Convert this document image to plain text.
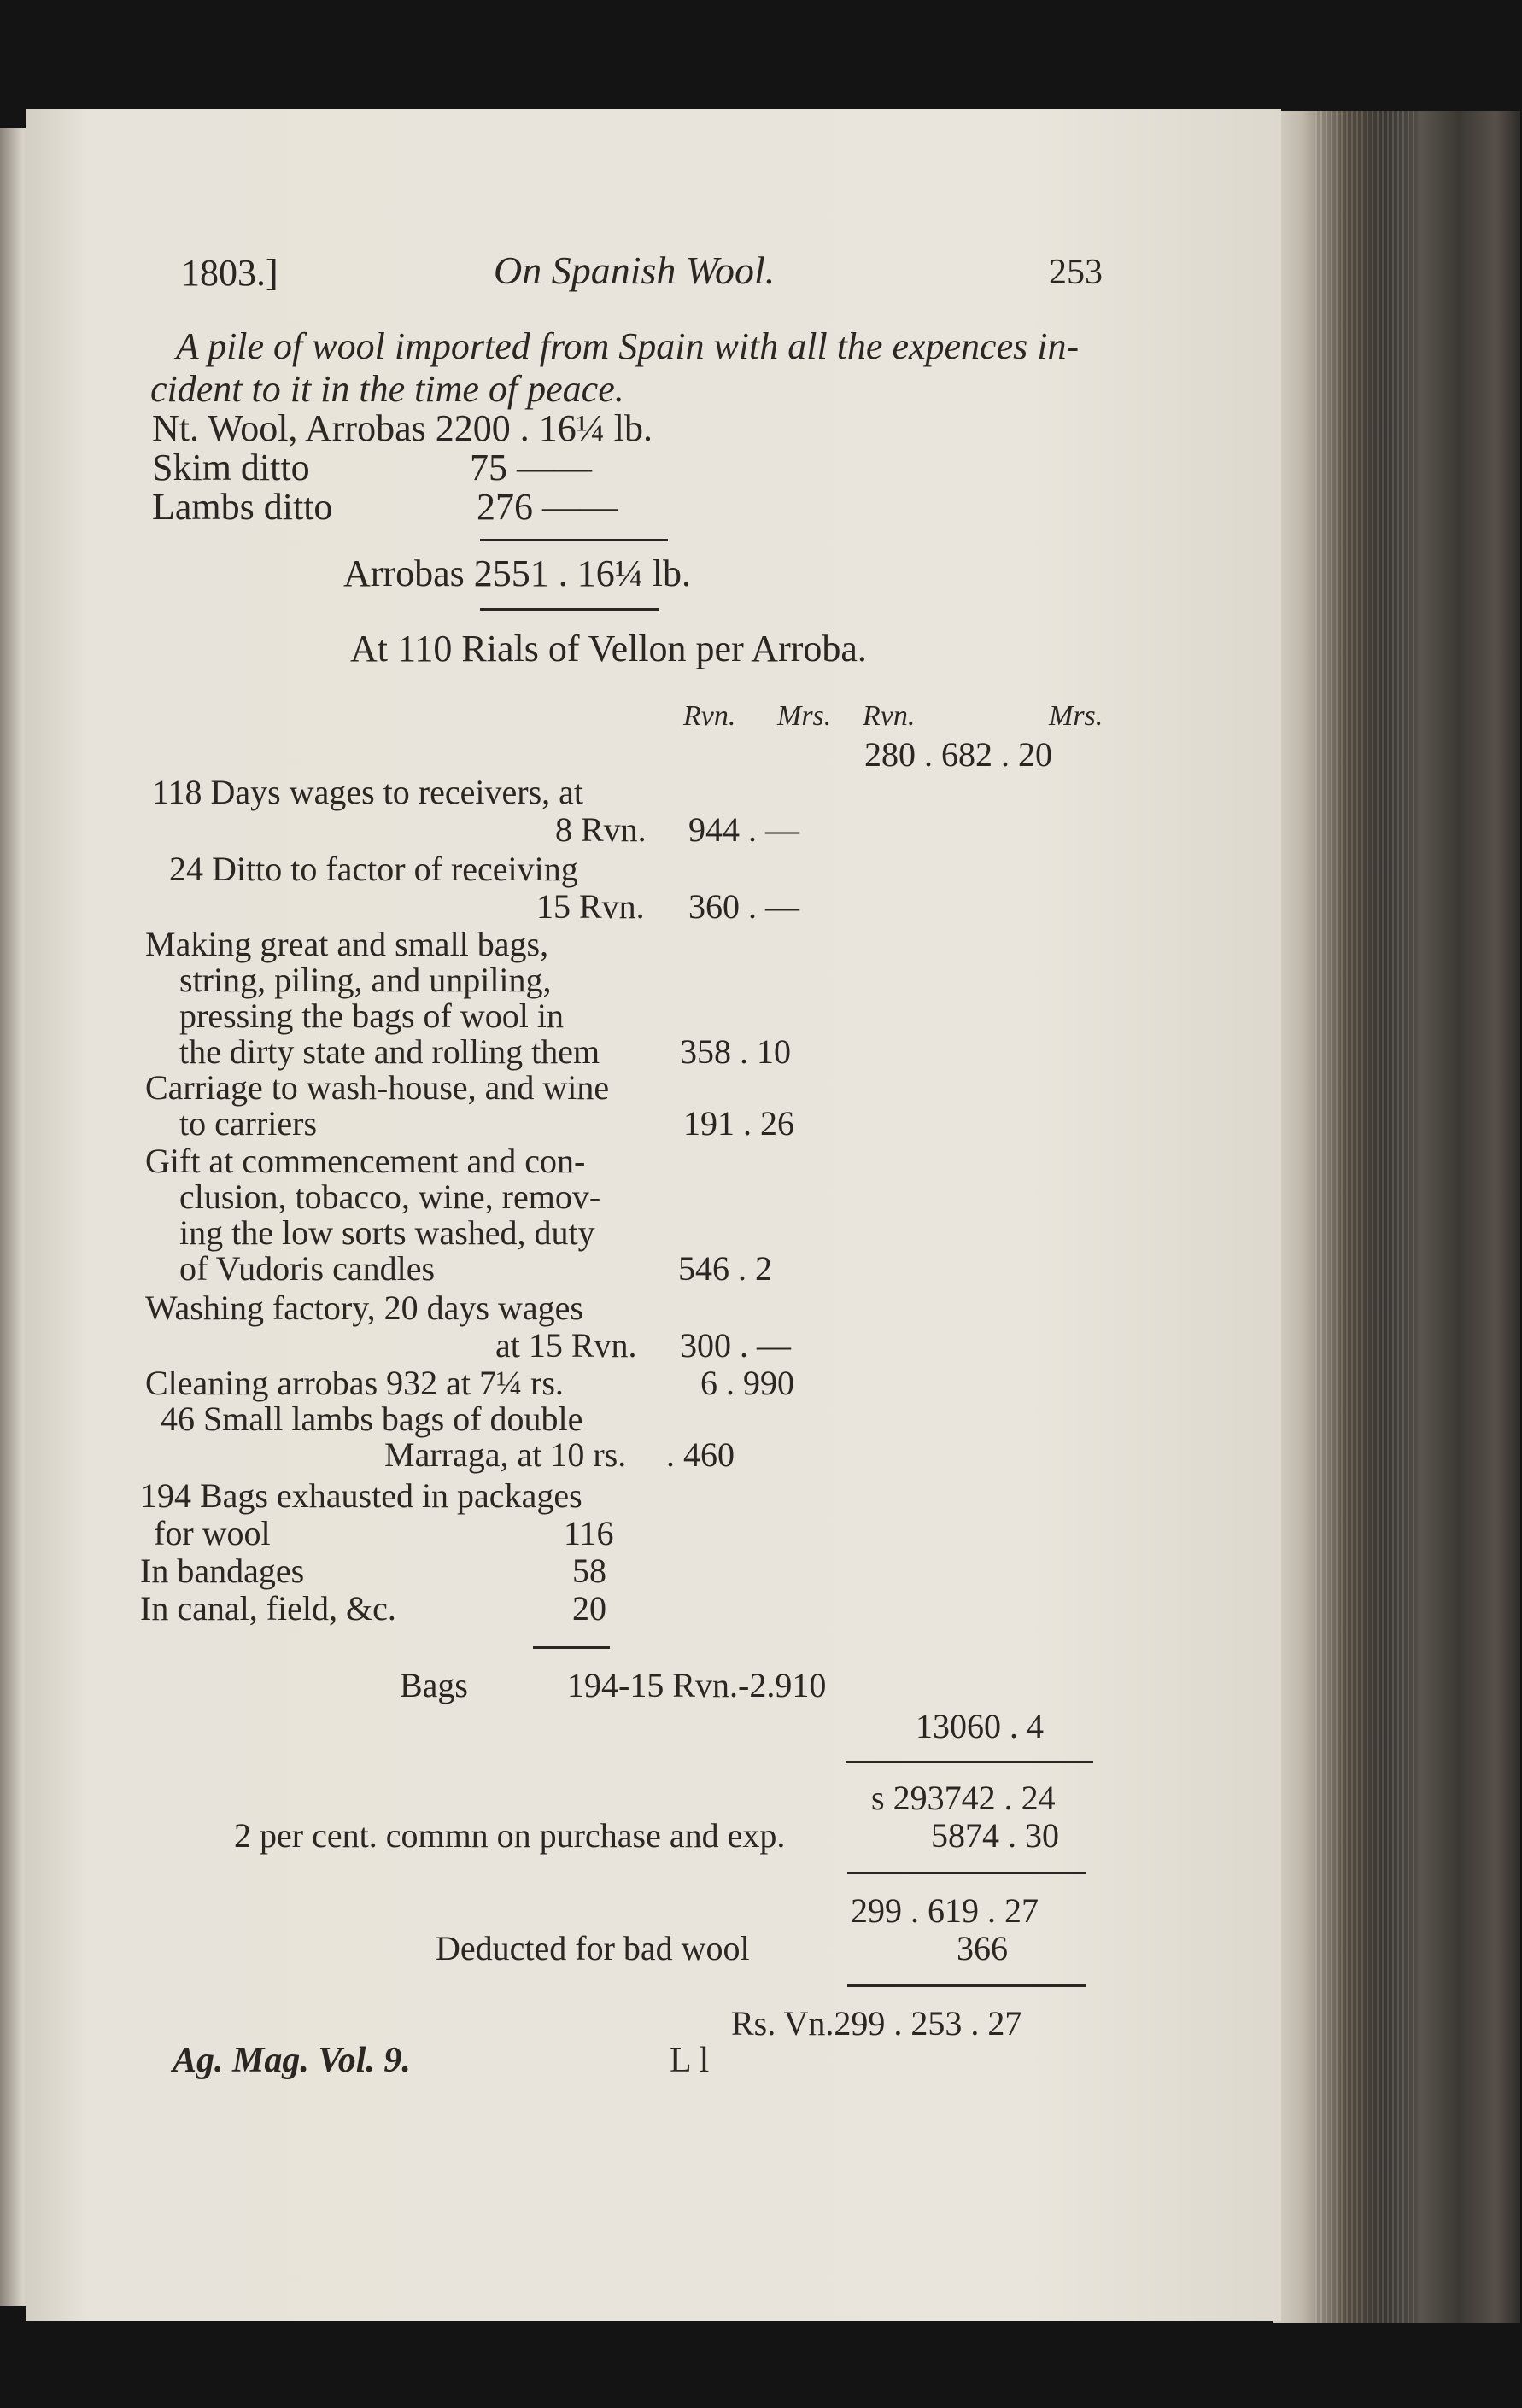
1803.]	On Spanish Wool.	253
A pile of wool imported from Spain with all the expences in-
cident to it in the time of peace.
Nt. Wool, Arrobas 2200 . 16¼ lb.
Skim ditto	75 ——
Lambs ditto	276 ——
Arrobas 2551 . 16¼ lb.
At 110 Rials of Vellon per Arroba.
Rvn. Mrs. Rvn.	Mrs.
280 . 682 . 20
118 Days wages to receivers, at
8 Rvn. 944 . —
24 Ditto to factor of receiving
15 Rvn. 360 . —
Making great and small bags,
string, piling, and unpiling,
pressing the bags of wool in
the dirty state and rolling them 358 . 10
Carriage to wash-house, and wine
to carriers	191 . 26
Gift at commencement and con-
clusion, tobacco, wine, remov-
ing the low sorts washed, duty
of Vudoris candles	546 . 2
Washing factory, 20 days wages
at 15 Rvn. 300 . —
Cleaning arrobas 932 at 7¼ rs.	6 . 990
46 Small lambs bags of double
Marraga, at 10 rs. . 460
194 Bags exhausted in packages
for wool	116
In bandages	58
In canal, field, &c.	20
Bags	194-15 Rvn.-2.910
13060 . 4
s 293742 . 24
2 per cent. commn on purchase and exp.	5874 . 30
299 . 619 . 27
Deducted for bad wool	366
Rs. Vn.299 . 253 . 27
Ag. Mag. Vol. 9.	L l
